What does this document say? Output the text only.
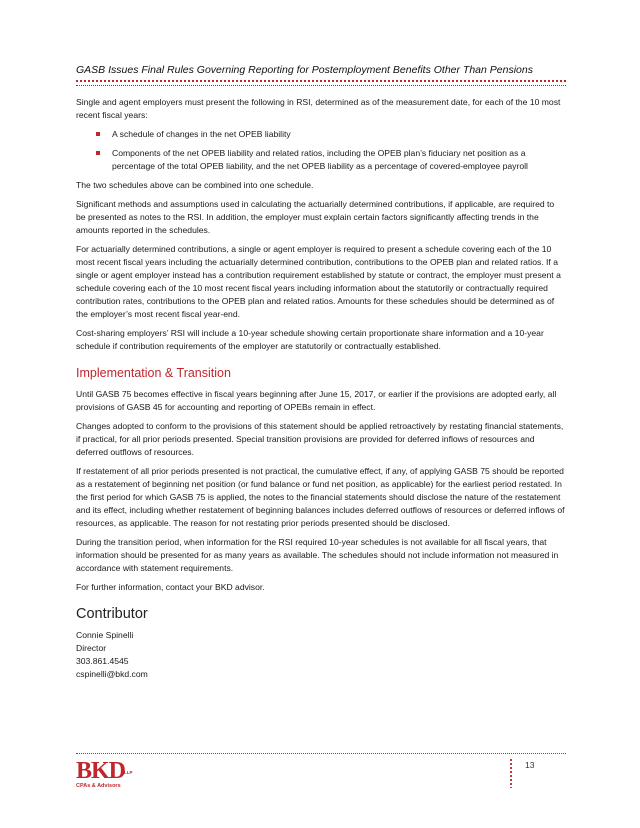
GASB Issues Final Rules Governing Reporting for Postemployment Benefits Other Than Pensions

Single and agent employers must present the following in RSI, determined as of the measurement date, for each of the 10 most recent fiscal years:

A schedule of changes in the net OPEB liability
Components of the net OPEB liability and related ratios, including the OPEB plan’s fiduciary net position as a percentage of the total OPEB liability, and the net OPEB liability as a percentage of covered-employee payroll

The two schedules above can be combined into one schedule.

Significant methods and assumptions used in calculating the actuarially determined contributions, if applicable, are required to be presented as notes to the RSI. In addition, the employer must explain certain factors significantly affecting trends in the amounts reported in the schedules.

For actuarially determined contributions, a single or agent employer is required to present a schedule covering each of the 10 most recent fiscal years including the actuarially determined contribution, contributions to the OPEB plan and related ratios. If a single or agent employer instead has a contribution requirement established by statute or contract, the employer must present a schedule covering each of the 10 most recent fiscal years including information about the statutorily or contractually required contribution rates, contributions to the OPEB plan and related ratios. Amounts for these schedules should be determined as of the employer’s most recent fiscal year-end.

Cost-sharing employers’ RSI will include a 10-year schedule showing certain proportionate share information and a 10-year schedule if contribution requirements of the employer are statutorily or contractually established.

Implementation & Transition

Until GASB 75 becomes effective in fiscal years beginning after June 15, 2017, or earlier if the provisions are adopted early, all provisions of GASB 45 for accounting and reporting of OPEBs remain in effect.

Changes adopted to conform to the provisions of this statement should be applied retroactively by restating financial statements, if practical, for all prior periods presented. Special transition provisions are provided for deferred inflows of resources and deferred outflows of resources.

If restatement of all prior periods presented is not practical, the cumulative effect, if any, of applying GASB 75 should be reported as a restatement of beginning net position (or fund balance or fund net position, as applicable) for the earliest period restated. In the first period for which GASB 75 is applied, the notes to the financial statements should disclose the nature of the restatement and its effect, including whether restatement of beginning balances includes deferred outflows of resources or deferred inflows of resources, as applicable. The reason for not restating prior periods presented should be disclosed.

During the transition period, when information for the RSI required 10-year schedules is not available for all fiscal years, that information should be presented for as many years as available. The schedules should not include information not measured in accordance with statement requirements.

For further information, contact your BKD advisor.

Contributor
Connie Spinelli
Director
303.861.4545
cspinelli@bkd.com
BKD
LLP
CPAs & Advisors
13
